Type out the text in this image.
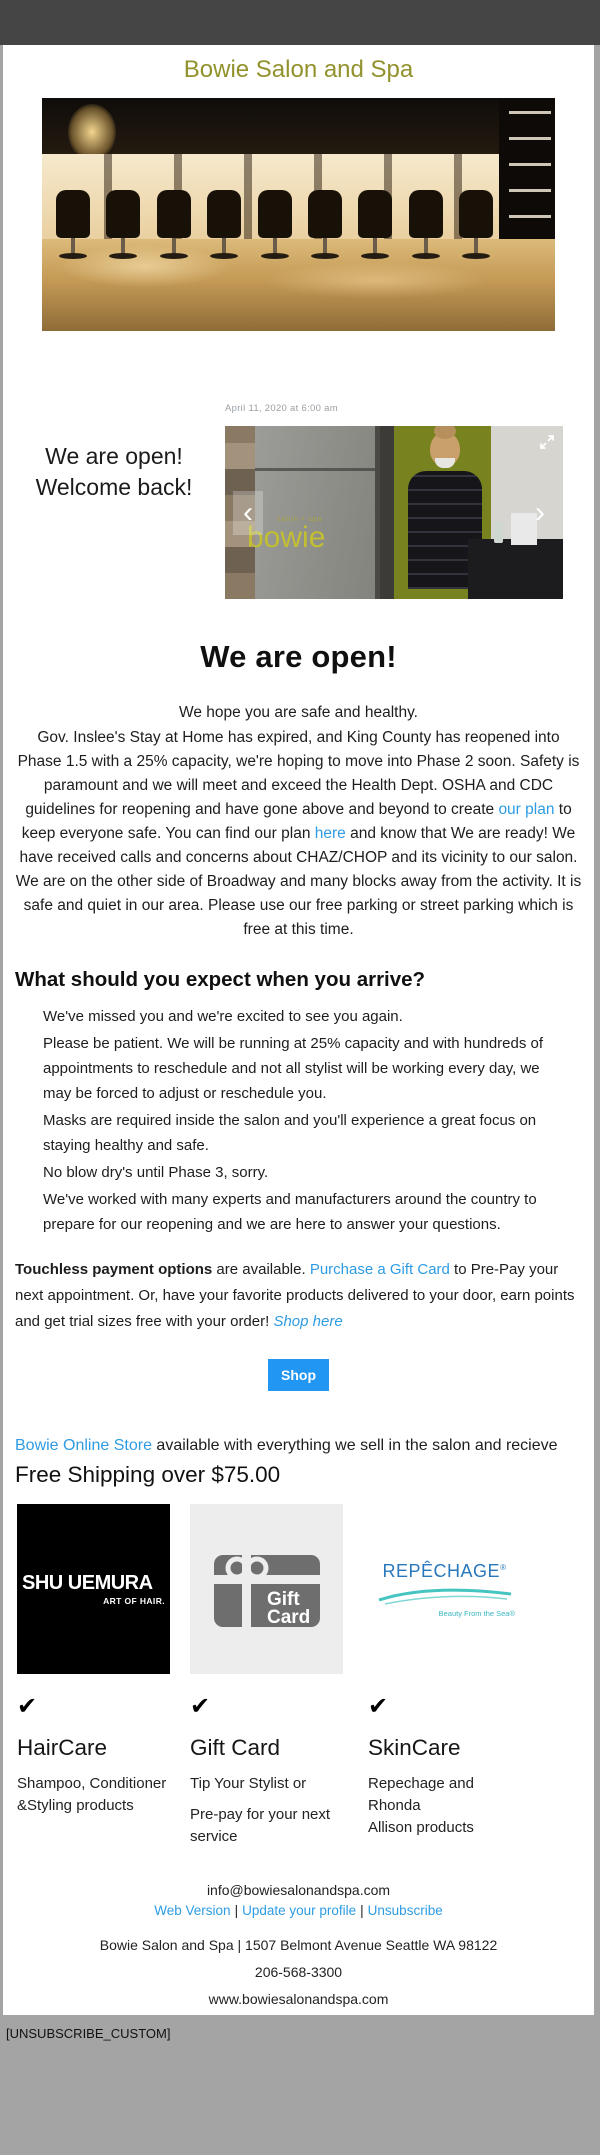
Bowie Salon and Spa
We are open!
Welcome back!

April 11, 2020 at 6:00 am

salon • spa
bowie
‹	›
We are open!

We hope you are safe and healthy.

Gov. Inslee's Stay at Home has expired, and King County has reopened into Phase 1.5 with a 25% capacity, we're hoping to move into Phase 2 soon. Safety is paramount and we will meet and exceed the Health Dept. OSHA and CDC guidelines for reopening and have gone above and beyond to create our plan to keep everyone safe. You can find our plan here and know that We are ready! We have received calls and concerns about CHAZ/CHOP and its vicinity to our salon. We are on the other side of Broadway and many blocks away from the activity. It is safe and quiet in our area. Please use our free parking or street parking which is free at this time.

What should you expect when you arrive?

We've missed you and we're excited to see you again.

Please be patient. We will be running at 25% capacity and with hundreds of appointments to reschedule and not all stylist will be working every day, we may be forced to adjust or reschedule you.

Masks are required inside the salon and you'll experience a great focus on staying healthy and safe.

No blow dry's until Phase 3, sorry.

We've worked with many experts and manufacturers around the country to prepare for our reopening and we are here to answer your questions.

Touchless payment options are available. Purchase a Gift Card to Pre-Pay your next appointment. Or, have your favorite products delivered to your door, earn points and get trial sizes free with your order! Shop here

Shop

Bowie Online Store available with everything we sell in the salon and recieve

Free Shipping over $75.00

SHU UEMURA
ART OF HAIR.
✔
HairCare

Shampoo, Conditioner

&Styling products

Gift
Card
✔
Gift Card

Tip Your Stylist or

Pre-pay for your next service

REPÊCHAGE®
Beauty From the Sea®
✔
SkinCare

Repechage and Rhonda

Allison products

info@bowiesalonandspa.com

Web Version | Update your profile | Unsubscribe

Bowie Salon and Spa | 1507 Belmont Avenue Seattle WA 98122

206-568-3300

www.bowiesalonandspa.com

[UNSUBSCRIBE_CUSTOM]
